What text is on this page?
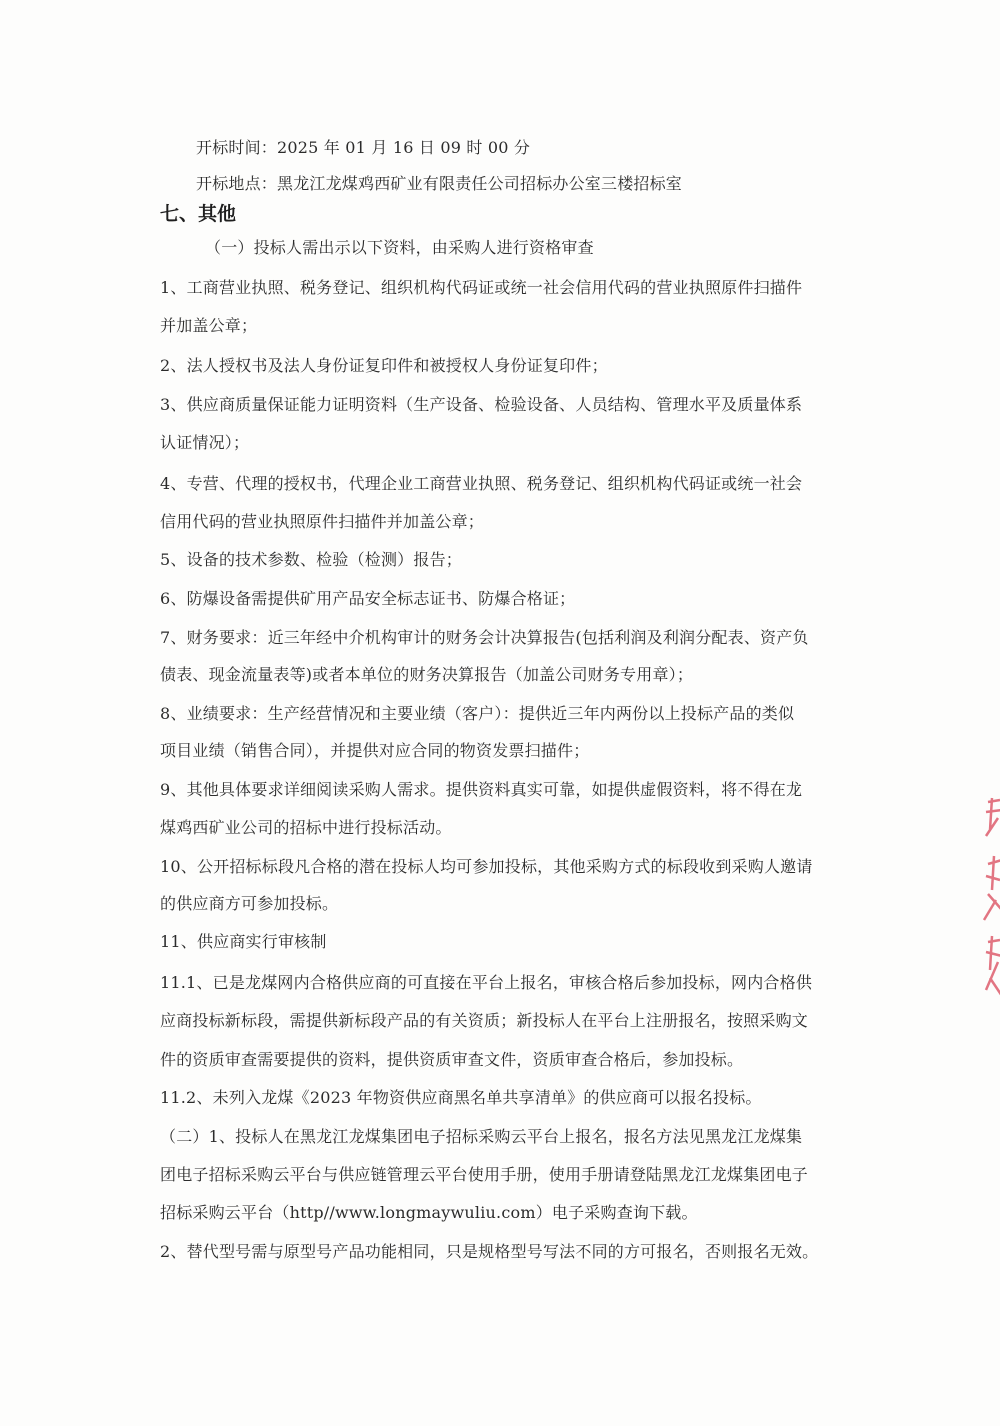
开标时间：2025 年 01 月 16 日 09 时 00 分
开标地点：黑龙江龙煤鸡西矿业有限责任公司招标办公室三楼招标室
七、其他
（一）投标人需出示以下资料，由采购人进行资格审查
1、工商营业执照、税务登记、组织机构代码证或统一社会信用代码的营业执照原件扫描件
并加盖公章；
2、法人授权书及法人身份证复印件和被授权人身份证复印件；
3、供应商质量保证能力证明资料（生产设备、检验设备、人员结构、管理水平及质量体系
认证情况）；
4、专营、代理的授权书，代理企业工商营业执照、税务登记、组织机构代码证或统一社会
信用代码的营业执照原件扫描件并加盖公章；
5、设备的技术参数、检验（检测）报告；
6、防爆设备需提供矿用产品安全标志证书、防爆合格证；
7、财务要求：近三年经中介机构审计的财务会计决算报告(包括利润及利润分配表、资产负
债表、现金流量表等)或者本单位的财务决算报告（加盖公司财务专用章）；
8、业绩要求：生产经营情况和主要业绩（客户）：提供近三年内两份以上投标产品的类似
项目业绩（销售合同），并提供对应合同的物资发票扫描件；
9、其他具体要求详细阅读采购人需求。提供资料真实可靠，如提供虚假资料，将不得在龙
煤鸡西矿业公司的招标中进行投标活动。
10、公开招标标段凡合格的潜在投标人均可参加投标，其他采购方式的标段收到采购人邀请
的供应商方可参加投标。
11、供应商实行审核制
11.1、已是龙煤网内合格供应商的可直接在平台上报名，审核合格后参加投标，网内合格供
应商投标新标段，需提供新标段产品的有关资质；新投标人在平台上注册报名，按照采购文
件的资质审查需要提供的资料，提供资质审查文件，资质审查合格后，参加投标。
11.2、未列入龙煤《2023 年物资供应商黑名单共享清单》的供应商可以报名投标。
（二）1、投标人在黑龙江龙煤集团电子招标采购云平台上报名，报名方法见黑龙江龙煤集
团电子招标采购云平台与供应链管理云平台使用手册，使用手册请登陆黑龙江龙煤集团电子
招标采购云平台（http//www.longmaywuliu.com）电子采购查询下载。
2、替代型号需与原型号产品功能相同，只是规格型号写法不同的方可报名，否则报名无效。
